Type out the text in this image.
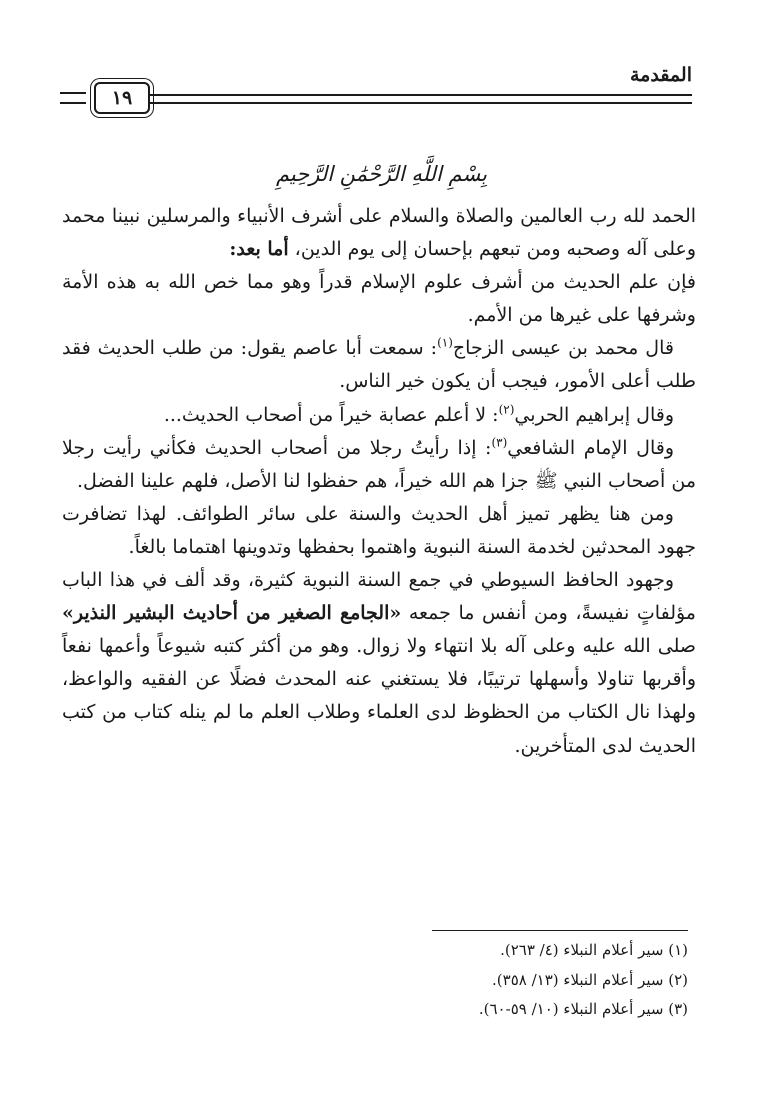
المقدمة
١٩
بِسْمِ اللَّهِ الرَّحْمَٰنِ الرَّحِيمِ

الحمد لله رب العالمين والصلاة والسلام على أشرف الأنبياء والمرسلين نبينا محمد وعلى آله وصحبه ومن تبعهم بإحسان إلى يوم الدين، أما بعد:

فإن علم الحديث من أشرف علوم الإسلام قدراً وهو مما خص الله به هذه الأمة وشرفها على غيرها من الأمم.

قال محمد بن عيسى الزجاج$^{(١)}$: سمعت أبا عاصم يقول: من طلب الحديث فقد طلب أعلى الأمور، فيجب أن يكون خير الناس.

وقال إبراهيم الحربي$^{(٢)}$: لا أعلم عصابة خيراً من أصحاب الحديث...

وقال الإمام الشافعي$^{(٣)}$: إذا رأيتُ رجلا من أصحاب الحديث فكأني رأيت رجلا من أصحاب النبي ﷺ جزا هم الله خيراً، هم حفظوا لنا الأصل، فلهم علينا الفضل.

ومن هنا يظهر تميز أهل الحديث والسنة على سائر الطوائف. لهذا تضافرت جهود المحدثين لخدمة السنة النبوية واهتموا بحفظها وتدوينها اهتماما بالغاً.

وجهود الحافظ السيوطي في جمع السنة النبوية كثيرة، وقد ألف في هذا الباب مؤلفاتٍ نفيسةً، ومن أنفس ما جمعه «الجامع الصغير من أحاديث البشير النذير» صلى الله عليه وعلى آله بلا انتهاء ولا زوال. وهو من أكثر كتبه شيوعاً وأعمها نفعاً وأقربها تناولا وأسهلها ترتيبًا، فلا يستغني عنه المحدث فضلًا عن الفقيه والواعظ، ولهذا نال الكتاب من الحظوظ لدى العلماء وطلاب العلم ما لم ينله كتاب من كتب الحديث لدى المتأخرين.

(١) سير أعلام النبلاء (٤/ ٢٦٣).
(٢) سير أعلام النبلاء (١٣/ ٣٥٨).
(٣) سير أعلام النبلاء (١٠/ ٥٩-٦٠).
